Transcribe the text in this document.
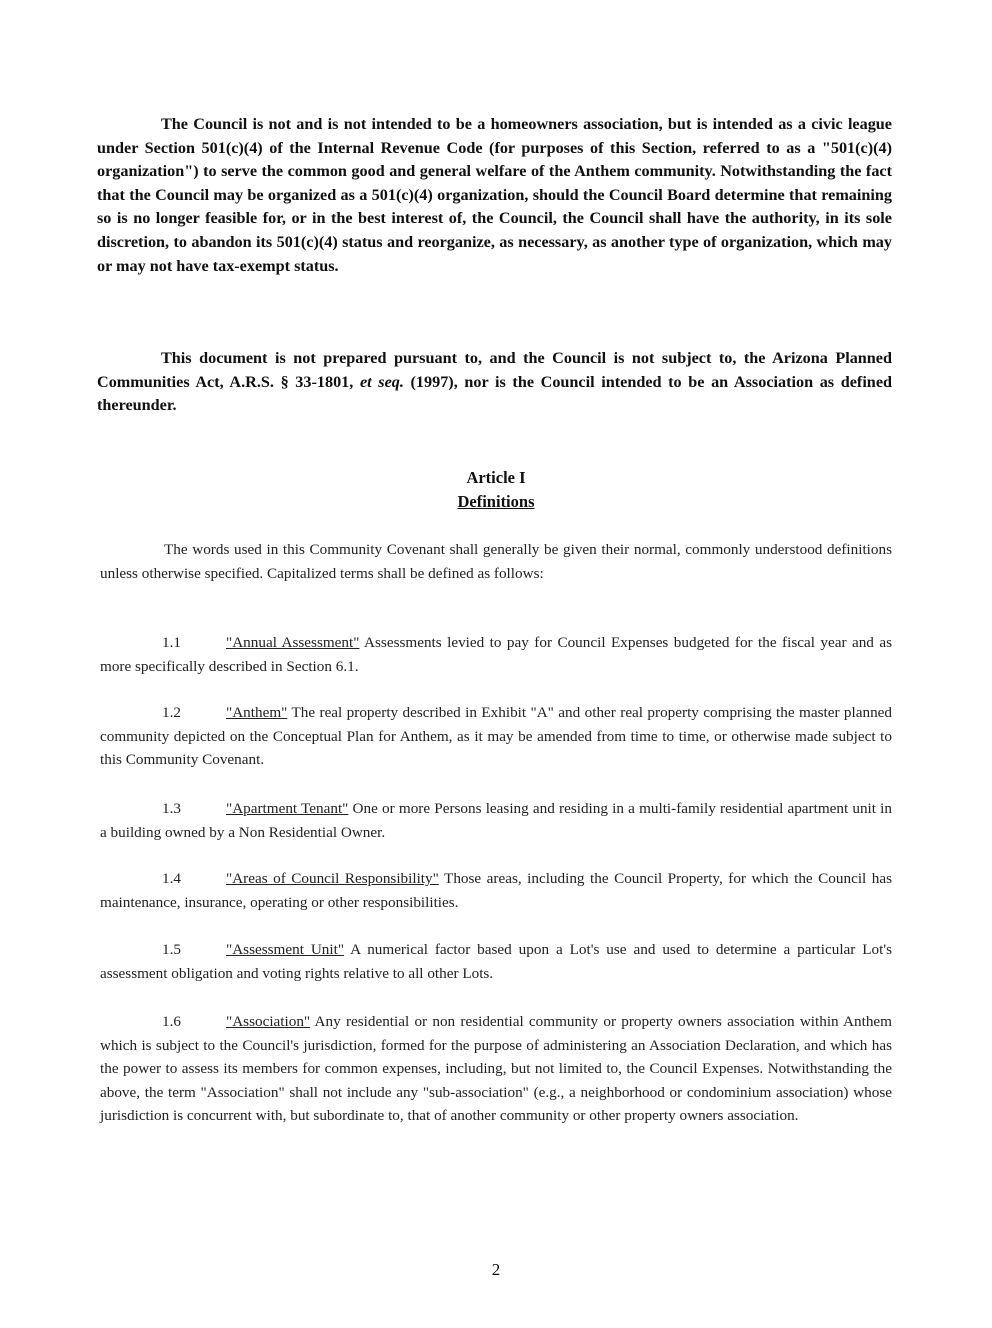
The Council is not and is not intended to be a homeowners association, but is intended as a civic league under Section 501(c)(4) of the Internal Revenue Code (for purposes of this Section, referred to as a "501(c)(4) organization") to serve the common good and general welfare of the Anthem community. Notwithstanding the fact that the Council may be organized as a 501(c)(4) organization, should the Council Board determine that remaining so is no longer feasible for, or in the best interest of, the Council, the Council shall have the authority, in its sole discretion, to abandon its 501(c)(4) status and reorganize, as necessary, as another type of organization, which may or may not have tax-exempt status.

This document is not prepared pursuant to, and the Council is not subject to, the Arizona Planned Communities Act, A.R.S. § 33-1801, et seq. (1997), nor is the Council intended to be an Association as defined thereunder.

Article I

Definitions

The words used in this Community Covenant shall generally be given their normal, commonly understood definitions unless otherwise specified. Capitalized terms shall be defined as follows:

1.1	"Annual Assessment" Assessments levied to pay for Council Expenses budgeted for the fiscal year and as more specifically described in Section 6.1.

1.2	"Anthem" The real property described in Exhibit "A" and other real property comprising the master planned community depicted on the Conceptual Plan for Anthem, as it may be amended from time to time, or otherwise made subject to this Community Covenant.

1.3	"Apartment Tenant" One or more Persons leasing and residing in a multi-family residential apartment unit in a building owned by a Non Residential Owner.

1.4	"Areas of Council Responsibility" Those areas, including the Council Property, for which the Council has maintenance, insurance, operating or other responsibilities.

1.5	"Assessment Unit" A numerical factor based upon a Lot's use and used to determine a particular Lot's assessment obligation and voting rights relative to all other Lots.

1.6	"Association" Any residential or non residential community or property owners association within Anthem which is subject to the Council's jurisdiction, formed for the purpose of administering an Association Declaration, and which has the power to assess its members for common expenses, including, but not limited to, the Council Expenses. Notwithstanding the above, the term "Association" shall not include any "sub-association" (e.g., a neighborhood or condominium association) whose jurisdiction is concurrent with, but subordinate to, that of another community or other property owners association.

2
